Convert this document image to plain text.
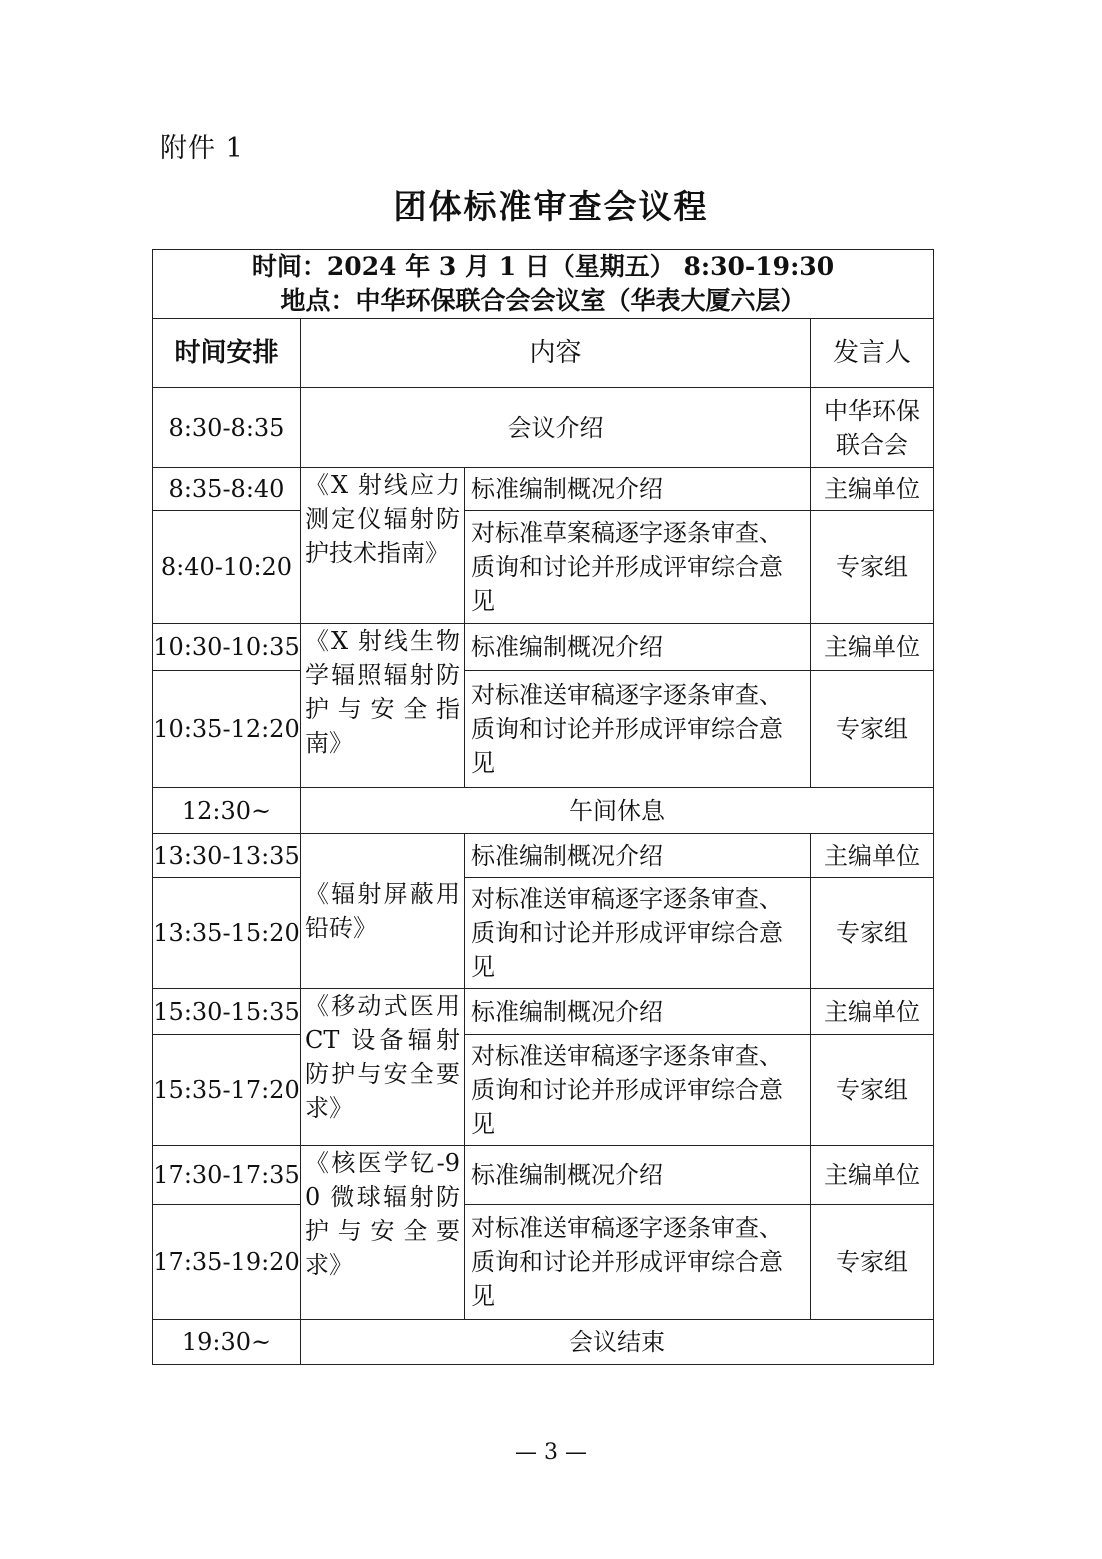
附件 1
团体标准审查会议程
时间：2024 年 3 月 1 日（星期五） 8:30-19:30
地点：中华环保联合会会议室（华表大厦六层）			

时间安排	内容		发言人
8:30-8:35	会议介绍		中华环保联合会
8:35-8:40	《X 射线应力测定仪辐射防护技术指南》	标准编制概况介绍	主编单位
8:40-10:20		对标准草案稿逐字逐条审查、质询和讨论并形成评审综合意见	专家组
10:30-10:35	《X 射线生物学辐照辐射防护与安全指南》	标准编制概况介绍	主编单位
10:35-12:20		对标准送审稿逐字逐条审查、质询和讨论并形成评审综合意见	专家组
12:30~	午间休息		
13:30-13:35	《辐射屏蔽用铅砖》	标准编制概况介绍	主编单位
13:35-15:20		对标准送审稿逐字逐条审查、质询和讨论并形成评审综合意见	专家组
15:30-15:35	《移动式医用 CT 设备辐射防护与安全要求》	标准编制概况介绍	主编单位
15:35-17:20		对标准送审稿逐字逐条审查、质询和讨论并形成评审综合意见	专家组
17:30-17:35	《核医学钇-90 微球辐射防护与安全要求》	标准编制概况介绍	主编单位
17:35-19:20		对标准送审稿逐字逐条审查、质询和讨论并形成评审综合意见	专家组
19:30~	会议结束		
— 3 —
